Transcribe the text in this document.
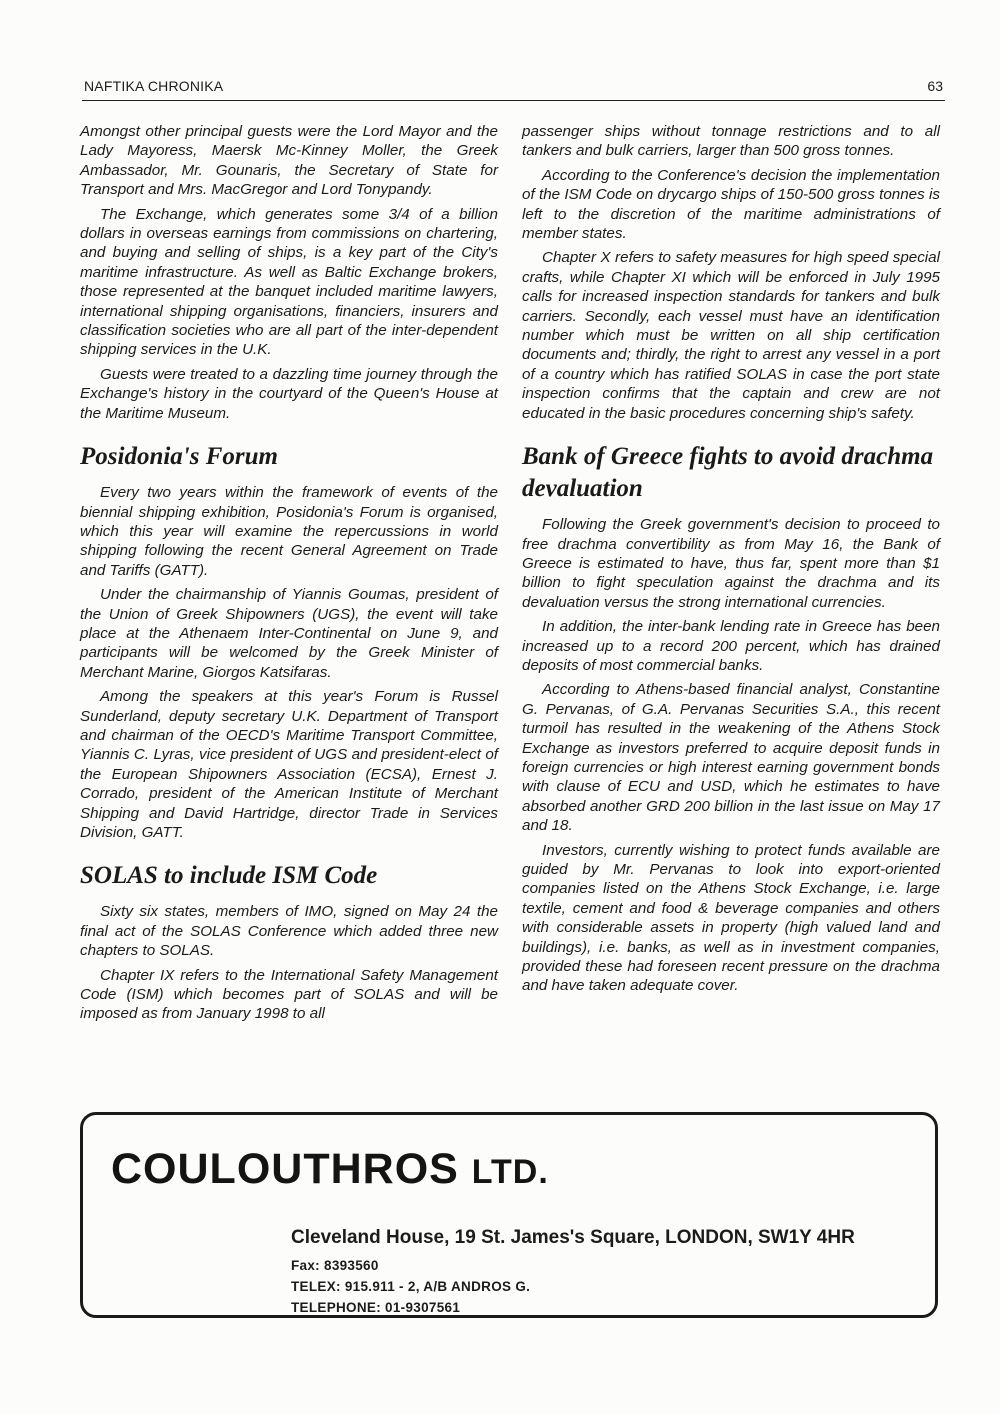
NAFTIKA CHRONIKA	63

Amongst other principal guests were the Lord Mayor and the Lady Mayoress, Maersk Mc-Kinney Moller, the Greek Ambassador, Mr. Gounaris, the Secretary of State for Transport and Mrs. MacGregor and Lord Tonypandy.

The Exchange, which generates some 3/4 of a billion dollars in overseas earnings from commissions on chartering, and buying and selling of ships, is a key part of the City's maritime infrastructure. As well as Baltic Exchange brokers, those represented at the banquet included maritime lawyers, international shipping organisations, financiers, insurers and classification societies who are all part of the inter-dependent shipping services in the U.K.

Guests were treated to a dazzling time journey through the Exchange's history in the courtyard of the Queen's House at the Maritime Museum.

Posidonia's Forum

Every two years within the framework of events of the biennial shipping exhibition, Posidonia's Forum is organised, which this year will examine the repercussions in world shipping following the recent General Agreement on Trade and Tariffs (GATT).

Under the chairmanship of Yiannis Goumas, president of the Union of Greek Shipowners (UGS), the event will take place at the Athenaem Inter-Continental on June 9, and participants will be welcomed by the Greek Minister of Merchant Marine, Giorgos Katsifaras.

Among the speakers at this year's Forum is Russel Sunderland, deputy secretary U.K. Department of Transport and chairman of the OECD's Maritime Transport Committee, Yiannis C. Lyras, vice president of UGS and president-elect of the European Shipowners Association (ECSA), Ernest J. Corrado, president of the American Institute of Merchant Shipping and David Hartridge, director Trade in Services Division, GATT.

SOLAS to include ISM Code

Sixty six states, members of IMO, signed on May 24 the final act of the SOLAS Conference which added three new chapters to SOLAS.

Chapter IX refers to the International Safety Management Code (ISM) which becomes part of SOLAS and will be imposed as from January 1998 to all

passenger ships without tonnage restrictions and to all tankers and bulk carriers, larger than 500 gross tonnes.

According to the Conference's decision the implementation of the ISM Code on drycargo ships of 150-500 gross tonnes is left to the discretion of the maritime administrations of member states.

Chapter X refers to safety measures for high speed special crafts, while Chapter XI which will be enforced in July 1995 calls for increased inspection standards for tankers and bulk carriers. Secondly, each vessel must have an identification number which must be written on all ship certification documents and; thirdly, the right to arrest any vessel in a port of a country which has ratified SOLAS in case the port state inspection confirms that the captain and crew are not educated in the basic procedures concerning ship's safety.

Bank of Greece fights to avoid drachma devaluation

Following the Greek government's decision to proceed to free drachma convertibility as from May 16, the Bank of Greece is estimated to have, thus far, spent more than $1 billion to fight speculation against the drachma and its devaluation versus the strong international currencies.

In addition, the inter-bank lending rate in Greece has been increased up to a record 200 percent, which has drained deposits of most commercial banks.

According to Athens-based financial analyst, Constantine G. Pervanas, of G.A. Pervanas Securities S.A., this recent turmoil has resulted in the weakening of the Athens Stock Exchange as investors preferred to acquire deposit funds in foreign currencies or high interest earning government bonds with clause of ECU and USD, which he estimates to have absorbed another GRD 200 billion in the last issue on May 17 and 18.

Investors, currently wishing to protect funds available are guided by Mr. Pervanas to look into export-oriented companies listed on the Athens Stock Exchange, i.e. large textile, cement and food & beverage companies and others with considerable assets in property (high valued land and buildings), i.e. banks, as well as in investment companies, provided these had foreseen recent pressure on the drachma and have taken adequate cover.

COULOUTHROS LTD.
Cleveland House, 19 St. James's Square, LONDON, SW1Y 4HR
Fax: 8393560
TELEX: 915.911 - 2, A/B ANDROS G.
TELEPHONE: 01-9307561
